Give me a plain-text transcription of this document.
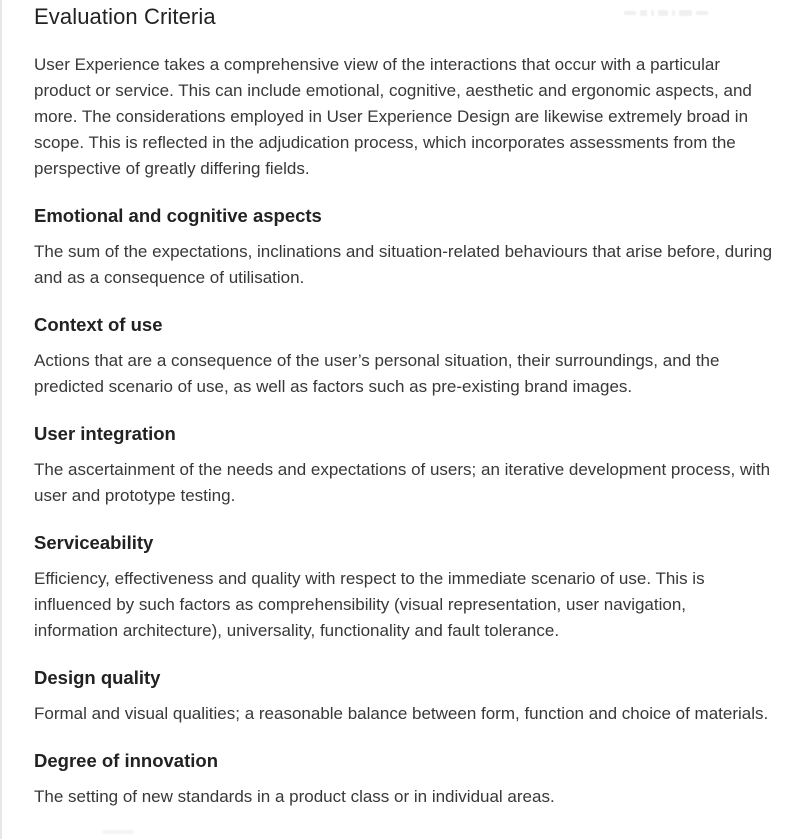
Evaluation Criteria

User Experience takes a comprehensive view of the interactions that occur with a particular product or service. This can include emotional, cognitive, aesthetic and ergonomic aspects, and more. The considerations employed in User Experience Design are likewise extremely broad in scope. This is reflected in the adjudication process, which incorporates assessments from the perspective of greatly differing fields.

Emotional and cognitive aspects

The sum of the expectations, inclinations and situation-related behaviours that arise before, during and as a consequence of utilisation.

Context of use

Actions that are a consequence of the user’s personal situation, their surroundings, and the predicted scenario of use, as well as factors such as pre-existing brand images.

User integration

The ascertainment of the needs and expectations of users; an iterative development process, with user and prototype testing.

Serviceability

Efficiency, effectiveness and quality with respect to the immediate scenario of use. This is influenced by such factors as comprehensibility (visual representation, user navigation, information architecture), universality, functionality and fault tolerance.

Design quality

Formal and visual qualities; a reasonable balance between form, function and choice of materials.

Degree of innovation

The setting of new standards in a product class or in individual areas.
